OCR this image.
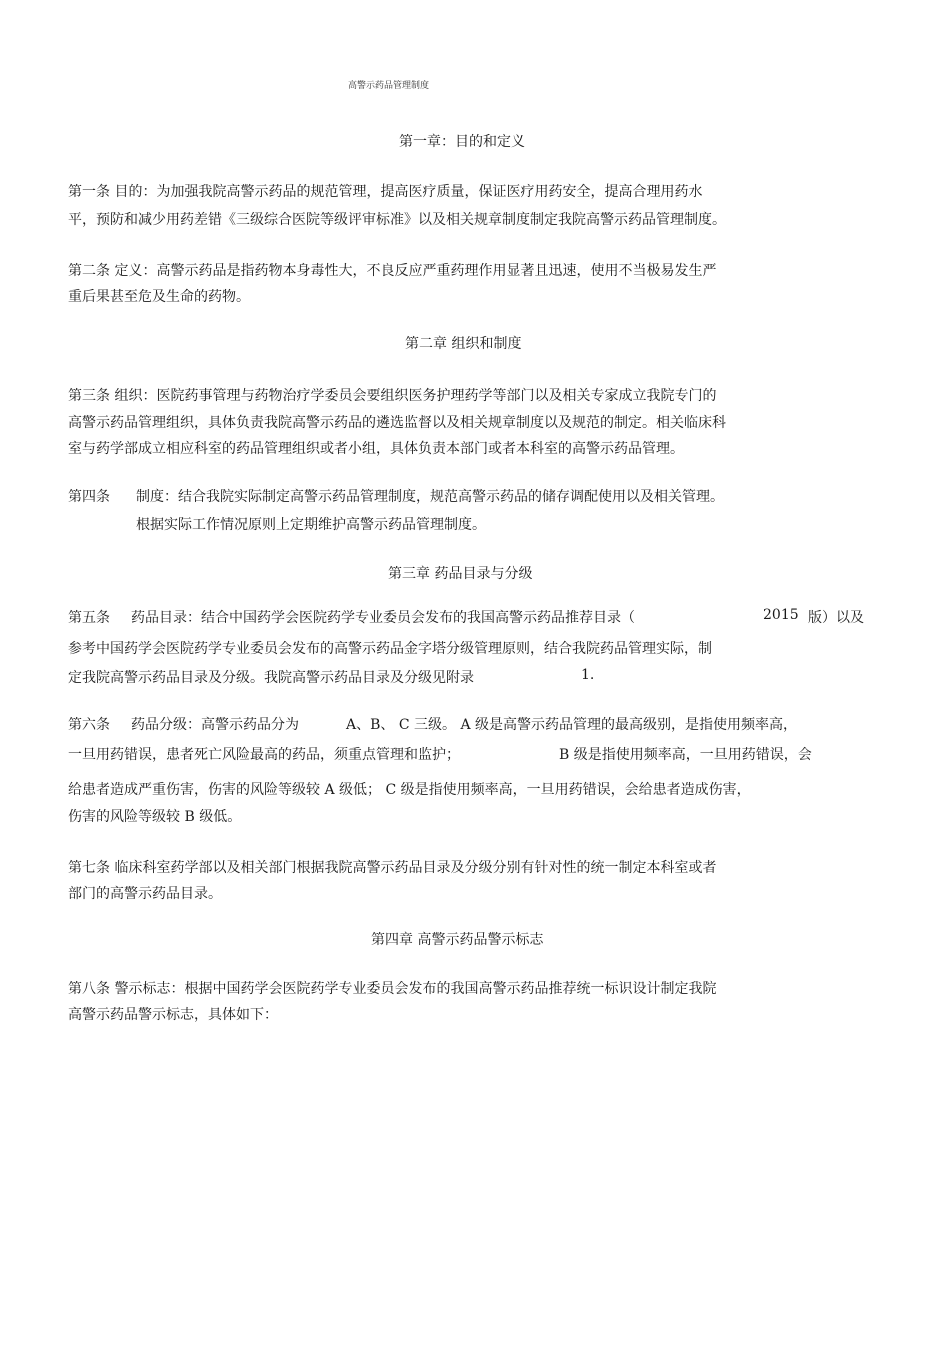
高警示药品管理制度
第一章：目的和定义
第一条 目的：为加强我院高警示药品的规范管理，提高医疗质量，保证医疗用药安全，提高合理用药水
平，预防和减少用药差错《三级综合医院等级评审标准》以及相关规章制度制定我院高警示药品管理制度。
第二条 定义：高警示药品是指药物本身毒性大，不良反应严重药理作用显著且迅速，使用不当极易发生严
重后果甚至危及生命的药物。
第二章 组织和制度
第三条 组织：医院药事管理与药物治疗学委员会要组织医务护理药学等部门以及相关专家成立我院专门的
高警示药品管理组织，具体负责我院高警示药品的遴选监督以及相关规章制度以及规范的制定。相关临床科
室与药学部成立相应科室的药品管理组织或者小组，具体负责本部门或者本科室的高警示药品管理。
第四条 制度：结合我院实际制定高警示药品管理制度，规范高警示药品的储存调配使用以及相关管理。
根据实际工作情况原则上定期维护高警示药品管理制度。
第三章 药品目录与分级
第五条 药品目录：结合中国药学会医院药学专业委员会发布的我国高警示药品推荐目录（	2015 版）以及
参考中国药学会医院药学专业委员会发布的高警示药品金字塔分级管理原则，结合我院药品管理实际，制
定我院高警示药品目录及分级。我院高警示药品目录及分级见附录	1.
第六条 药品分级：高警示药品分为	A、B、 C 三级。 A 级是高警示药品管理的最高级别，是指使用频率高，
一旦用药错误，患者死亡风险最高的药品，须重点管理和监护；	B 级是指使用频率高，一旦用药错误，会
给患者造成严重伤害，伤害的风险等级较 A 级低； C 级是指使用频率高，一旦用药错误，会给患者造成伤害，
伤害的风险等级较 B 级低。
第七条 临床科室药学部以及相关部门根据我院高警示药品目录及分级分别有针对性的统一制定本科室或者
部门的高警示药品目录。
第四章 高警示药品警示标志
第八条 警示标志：根据中国药学会医院药学专业委员会发布的我国高警示药品推荐统一标识设计制定我院
高警示药品警示标志，具体如下：
